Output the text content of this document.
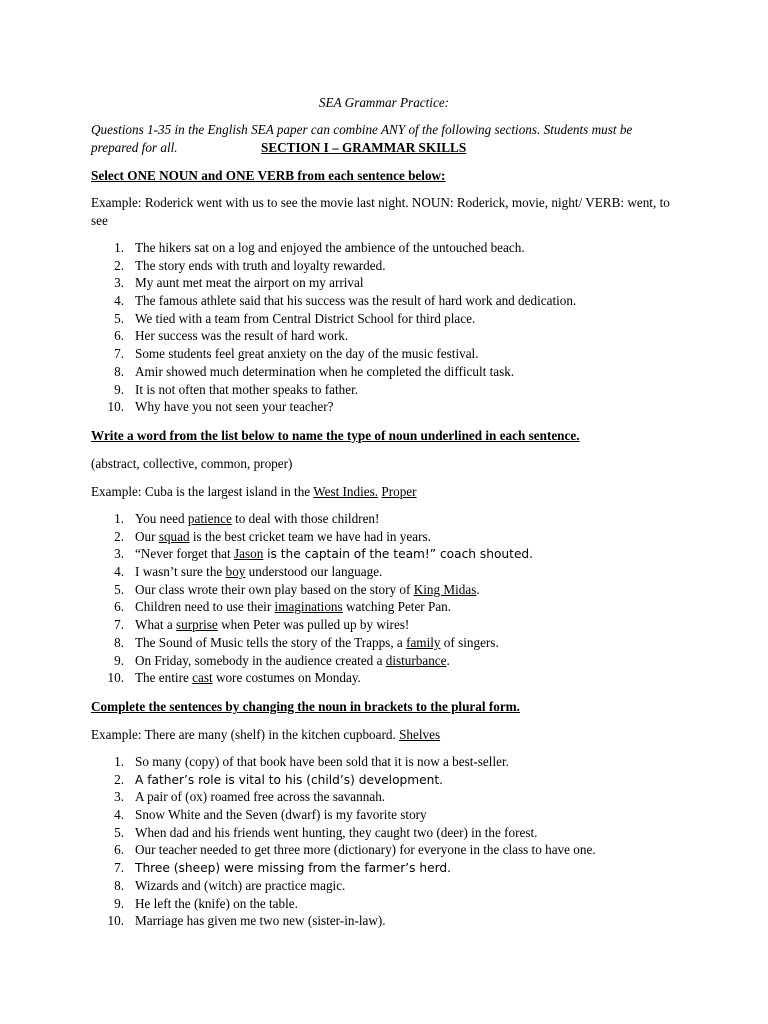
SEA Grammar Practice:
Questions 1-35 in the English SEA paper can combine ANY of the following sections. Students must be prepared for all.	SECTION I – GRAMMAR SKILLS
Select ONE NOUN and ONE VERB from each sentence below:
Example: Roderick went with us to see the movie last night. NOUN: Roderick, movie, night/ VERB: went, to see
1. The hikers sat on a log and enjoyed the ambience of the untouched beach.
2. The story ends with truth and loyalty rewarded.
3. My aunt met meat the airport on my arrival
4. The famous athlete said that his success was the result of hard work and dedication.
5. We tied with a team from Central District School for third place.
6. Her success was the result of hard work.
7. Some students feel great anxiety on the day of the music festival.
8. Amir showed much determination when he completed the difficult task.
9. It is not often that mother speaks to father.
10. Why have you not seen your teacher?
Write a word from the list below to name the type of noun underlined in each sentence.
(abstract, collective, common, proper)
Example: Cuba is the largest island in the West Indies. Proper
1. You need patience to deal with those children!
2. Our squad is the best cricket team we have had in years.
3. “Never forget that Jason is the captain of the team!” coach shouted.
4. I wasn’t sure the boy understood our language.
5. Our class wrote their own play based on the story of King Midas.
6. Children need to use their imaginations watching Peter Pan.
7. What a surprise when Peter was pulled up by wires!
8. The Sound of Music tells the story of the Trapps, a family of singers.
9. On Friday, somebody in the audience created a disturbance.
10. The entire cast wore costumes on Monday.
Complete the sentences by changing the noun in brackets to the plural form.
Example: There are many (shelf) in the kitchen cupboard. Shelves
1. So many (copy) of that book have been sold that it is now a best-seller.
2. A father’s role is vital to his (child’s) development.
3. A pair of (ox) roamed free across the savannah.
4. Snow White and the Seven (dwarf) is my favorite story
5. When dad and his friends went hunting, they caught two (deer) in the forest.
6. Our teacher needed to get three more (dictionary) for everyone in the class to have one.
7. Three (sheep) were missing from the farmer’s herd.
8. Wizards and (witch) are practice magic.
9. He left the (knife) on the table.
10. Marriage has given me two new (sister-in-law).
